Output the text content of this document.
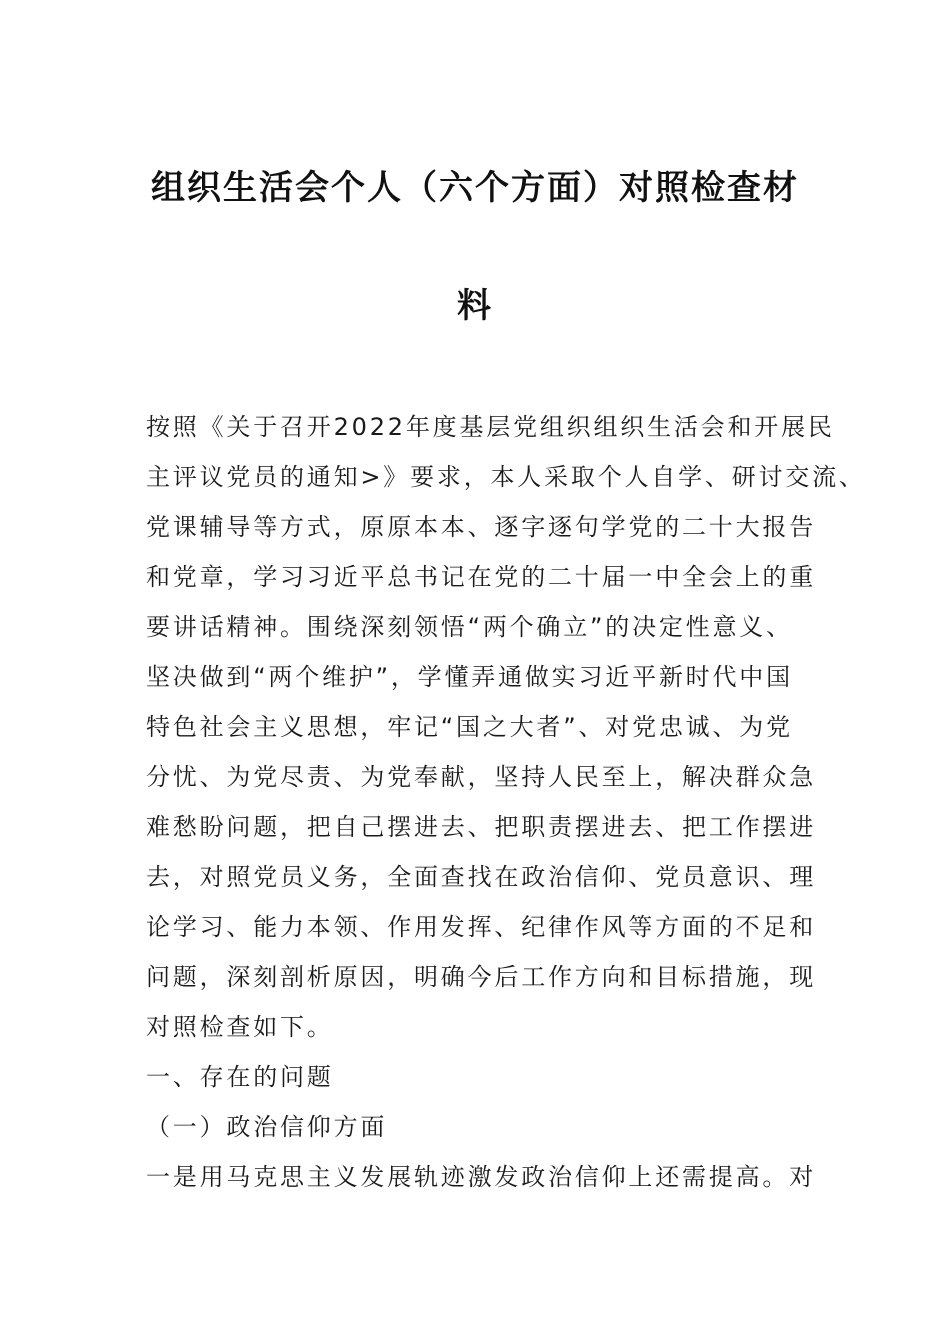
组织生活会个人（六个方面）对照检查材
料
按照《关于召开2022年度基层党组织组织生活会和开展民
主评议党员的通知>》要求，本人采取个人自学、研讨交流、
党课辅导等方式，原原本本、逐字逐句学党的二十大报告
和党章，学习习近平总书记在党的二十届一中全会上的重
要讲话精神。围绕深刻领悟“两个确立”的决定性意义、
坚决做到“两个维护”，学懂弄通做实习近平新时代中国
特色社会主义思想，牢记“国之大者”、对党忠诚、为党
分忧、为党尽责、为党奉献，坚持人民至上，解决群众急
难愁盼问题，把自己摆进去、把职责摆进去、把工作摆进
去，对照党员义务，全面查找在政治信仰、党员意识、理
论学习、能力本领、作用发挥、纪律作风等方面的不足和
问题，深刻剖析原因，明确今后工作方向和目标措施，现
对照检查如下。
一、存在的问题
（一）政治信仰方面
一是用马克思主义发展轨迹激发政治信仰上还需提高。对
